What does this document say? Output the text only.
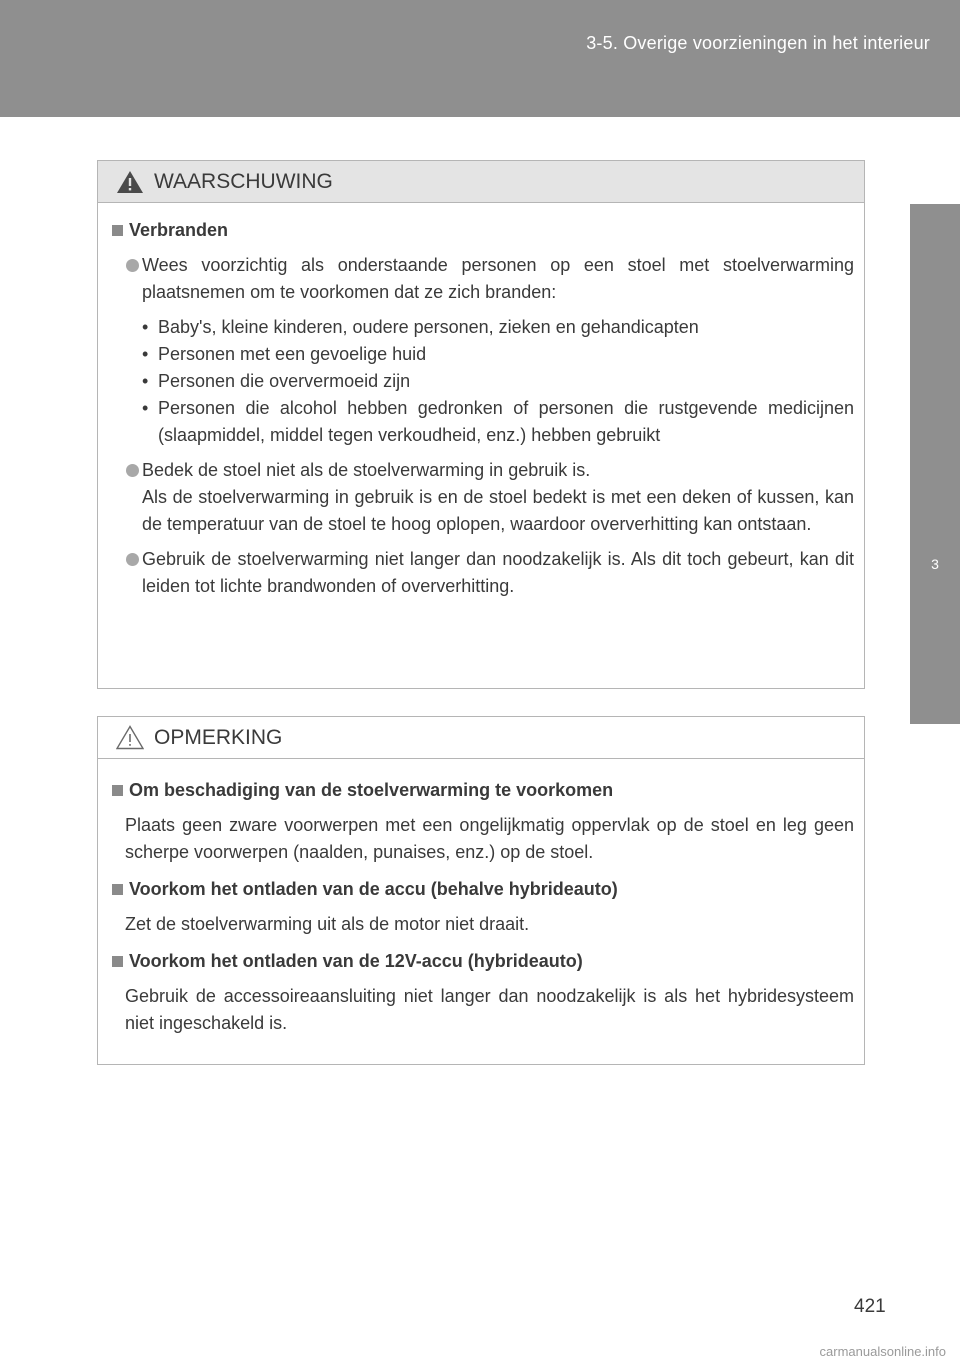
3-5. Overige voorzieningen in het interieur
3
Interieur
WAARSCHUWING
Verbranden

Wees voorzichtig als onderstaande personen op een stoel met stoelverwarming plaatsnemen om te voorkomen dat ze zich branden:

• Baby's, kleine kinderen, oudere personen, zieken en gehandicapten
• Personen met een gevoelige huid
• Personen die oververmoeid zijn
• Personen die alcohol hebben gedronken of personen die rustgevende medicijnen (slaapmiddel, middel tegen verkoudheid, enz.) hebben gebruikt

Bedek de stoel niet als de stoelverwarming in gebruik is.

Als de stoelverwarming in gebruik is en de stoel bedekt is met een deken of kussen, kan de temperatuur van de stoel te hoog oplopen, waardoor oververhitting kan ontstaan.

Gebruik de stoelverwarming niet langer dan noodzakelijk is. Als dit toch gebeurt, kan dit leiden tot lichte brandwonden of oververhitting.

OPMERKING
Om beschadiging van de stoelverwarming te voorkomen

Plaats geen zware voorwerpen met een ongelijkmatig oppervlak op de stoel en leg geen scherpe voorwerpen (naalden, punaises, enz.) op de stoel.

Voorkom het ontladen van de accu (behalve hybrideauto)

Zet de stoelverwarming uit als de motor niet draait.

Voorkom het ontladen van de 12V-accu (hybrideauto)

Gebruik de accessoireaansluiting niet langer dan noodzakelijk is als het hybridesysteem niet ingeschakeld is.

421
carmanualsonline.info
